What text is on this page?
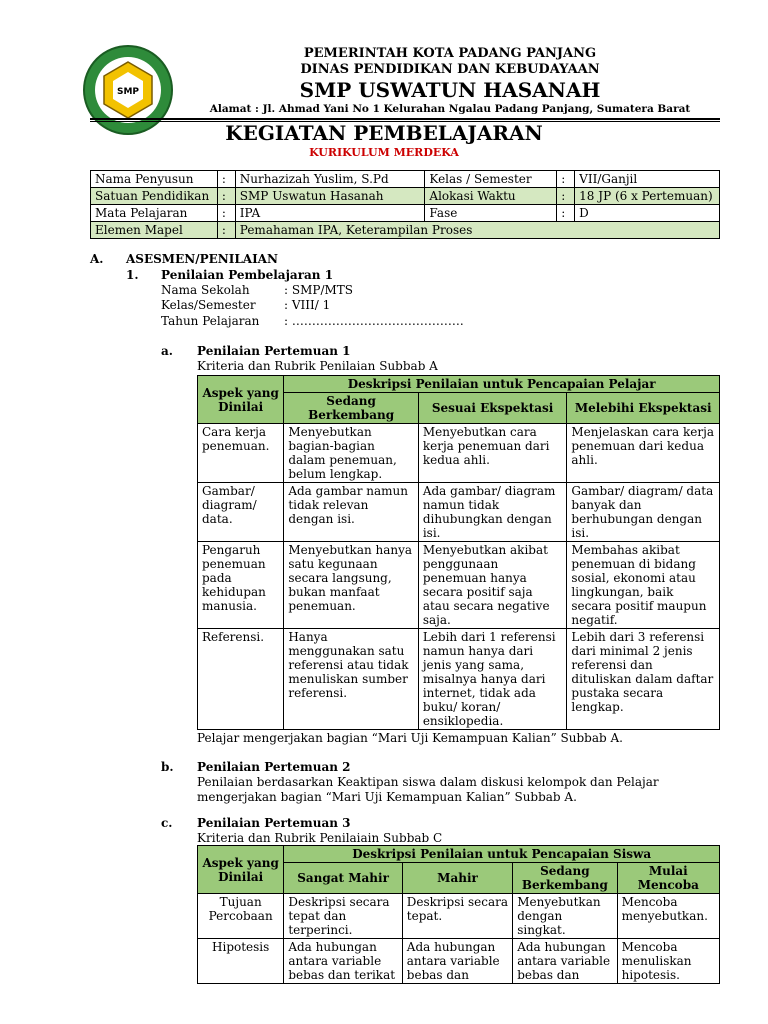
SMP
PEMERINTAH KOTA PADANG PANJANG
DINAS PENDIDIKAN DAN KEBUDAYAAN
SMP USWATUN HASANAH
Alamat : Jl. Ahmad Yani No 1 Kelurahan Ngalau Padang Panjang, Sumatera Barat
KEGIATAN PEMBELAJARAN
KURIKULUM MERDEKA
Nama Penyusun	:	Nurhazizah Yuslim, S.Pd	Kelas / Semester	:	VII/Ganjil
Satuan Pendidikan	:	SMP Uswatun Hasanah	Alokasi Waktu	:	18 JP (6 x Pertemuan)
Mata Pelajaran	:	IPA	Fase	:	D
Elemen Mapel	:	Pemahaman IPA, Keterampilan Proses			
A. ASESMEN/PENILAIAN
1. Penilaian Pembelajaran 1
Nama Sekolah	: SMP/MTS
Kelas/Semester : VIII/ 1
Tahun Pelajaran : …………………………………….
a. Penilaian Pertemuan 1
Kriteria dan Rubrik Penilaian Subbab A
Aspek yang Dinilai	Deskripsi Penilaian untuk Pencapaian Pelajar		
	Sedang Berkembang	Sesuai Ekspektasi	Melebihi Ekspektasi
Cara kerja penemuan.	Menyebutkan bagian-bagian dalam penemuan, belum lengkap.	Menyebutkan cara kerja penemuan dari kedua ahli.	Menjelaskan cara kerja penemuan dari kedua ahli.
Gambar/ diagram/ data.	Ada gambar namun tidak relevan dengan isi.	Ada gambar/ diagram namun tidak dihubungkan dengan isi.	Gambar/ diagram/ data banyak dan berhubungan dengan isi.
Pengaruh penemuan pada kehidupan manusia.	Menyebutkan hanya satu kegunaan secara langsung, bukan manfaat penemuan.	Menyebutkan akibat penggunaan penemuan hanya secara positif saja atau secara negative saja.	Membahas akibat penemuan di bidang sosial, ekonomi atau lingkungan, baik secara positif maupun negatif.
Referensi.	Hanya menggunakan satu referensi atau tidak menuliskan sumber referensi.	Lebih dari 1 referensi namun hanya dari jenis yang sama, misalnya hanya dari internet, tidak ada buku/ koran/ ensiklopedia.	Lebih dari 3 referensi dari minimal 2 jenis referensi dan dituliskan dalam daftar pustaka secara lengkap.
Pelajar mengerjakan bagian “Mari Uji Kemampuan Kalian” Subbab A.
b. Penilaian Pertemuan 2
Penilaian berdasarkan Keaktipan siswa dalam diskusi kelompok dan Pelajar
mengerjakan bagian “Mari Uji Kemampuan Kalian” Subbab A.
c. Penilaian Pertemuan 3
Kriteria dan Rubrik Penilaiain Subbab C
Aspek yang Dinilai	Deskripsi Penilaian untuk Pencapaian Siswa			
	Sangat Mahir	Mahir	Sedang Berkembang	Mulai Mencoba
Tujuan Percobaan	Deskripsi secara tepat dan terperinci.	Deskripsi secara tepat.	Menyebutkan dengan singkat.	Mencoba menyebutkan.
Hipotesis	Ada hubungan antara variable bebas dan terikat	Ada hubungan antara variable bebas dan	Ada hubungan antara variable bebas dan	Mencoba menuliskan hipotesis.
